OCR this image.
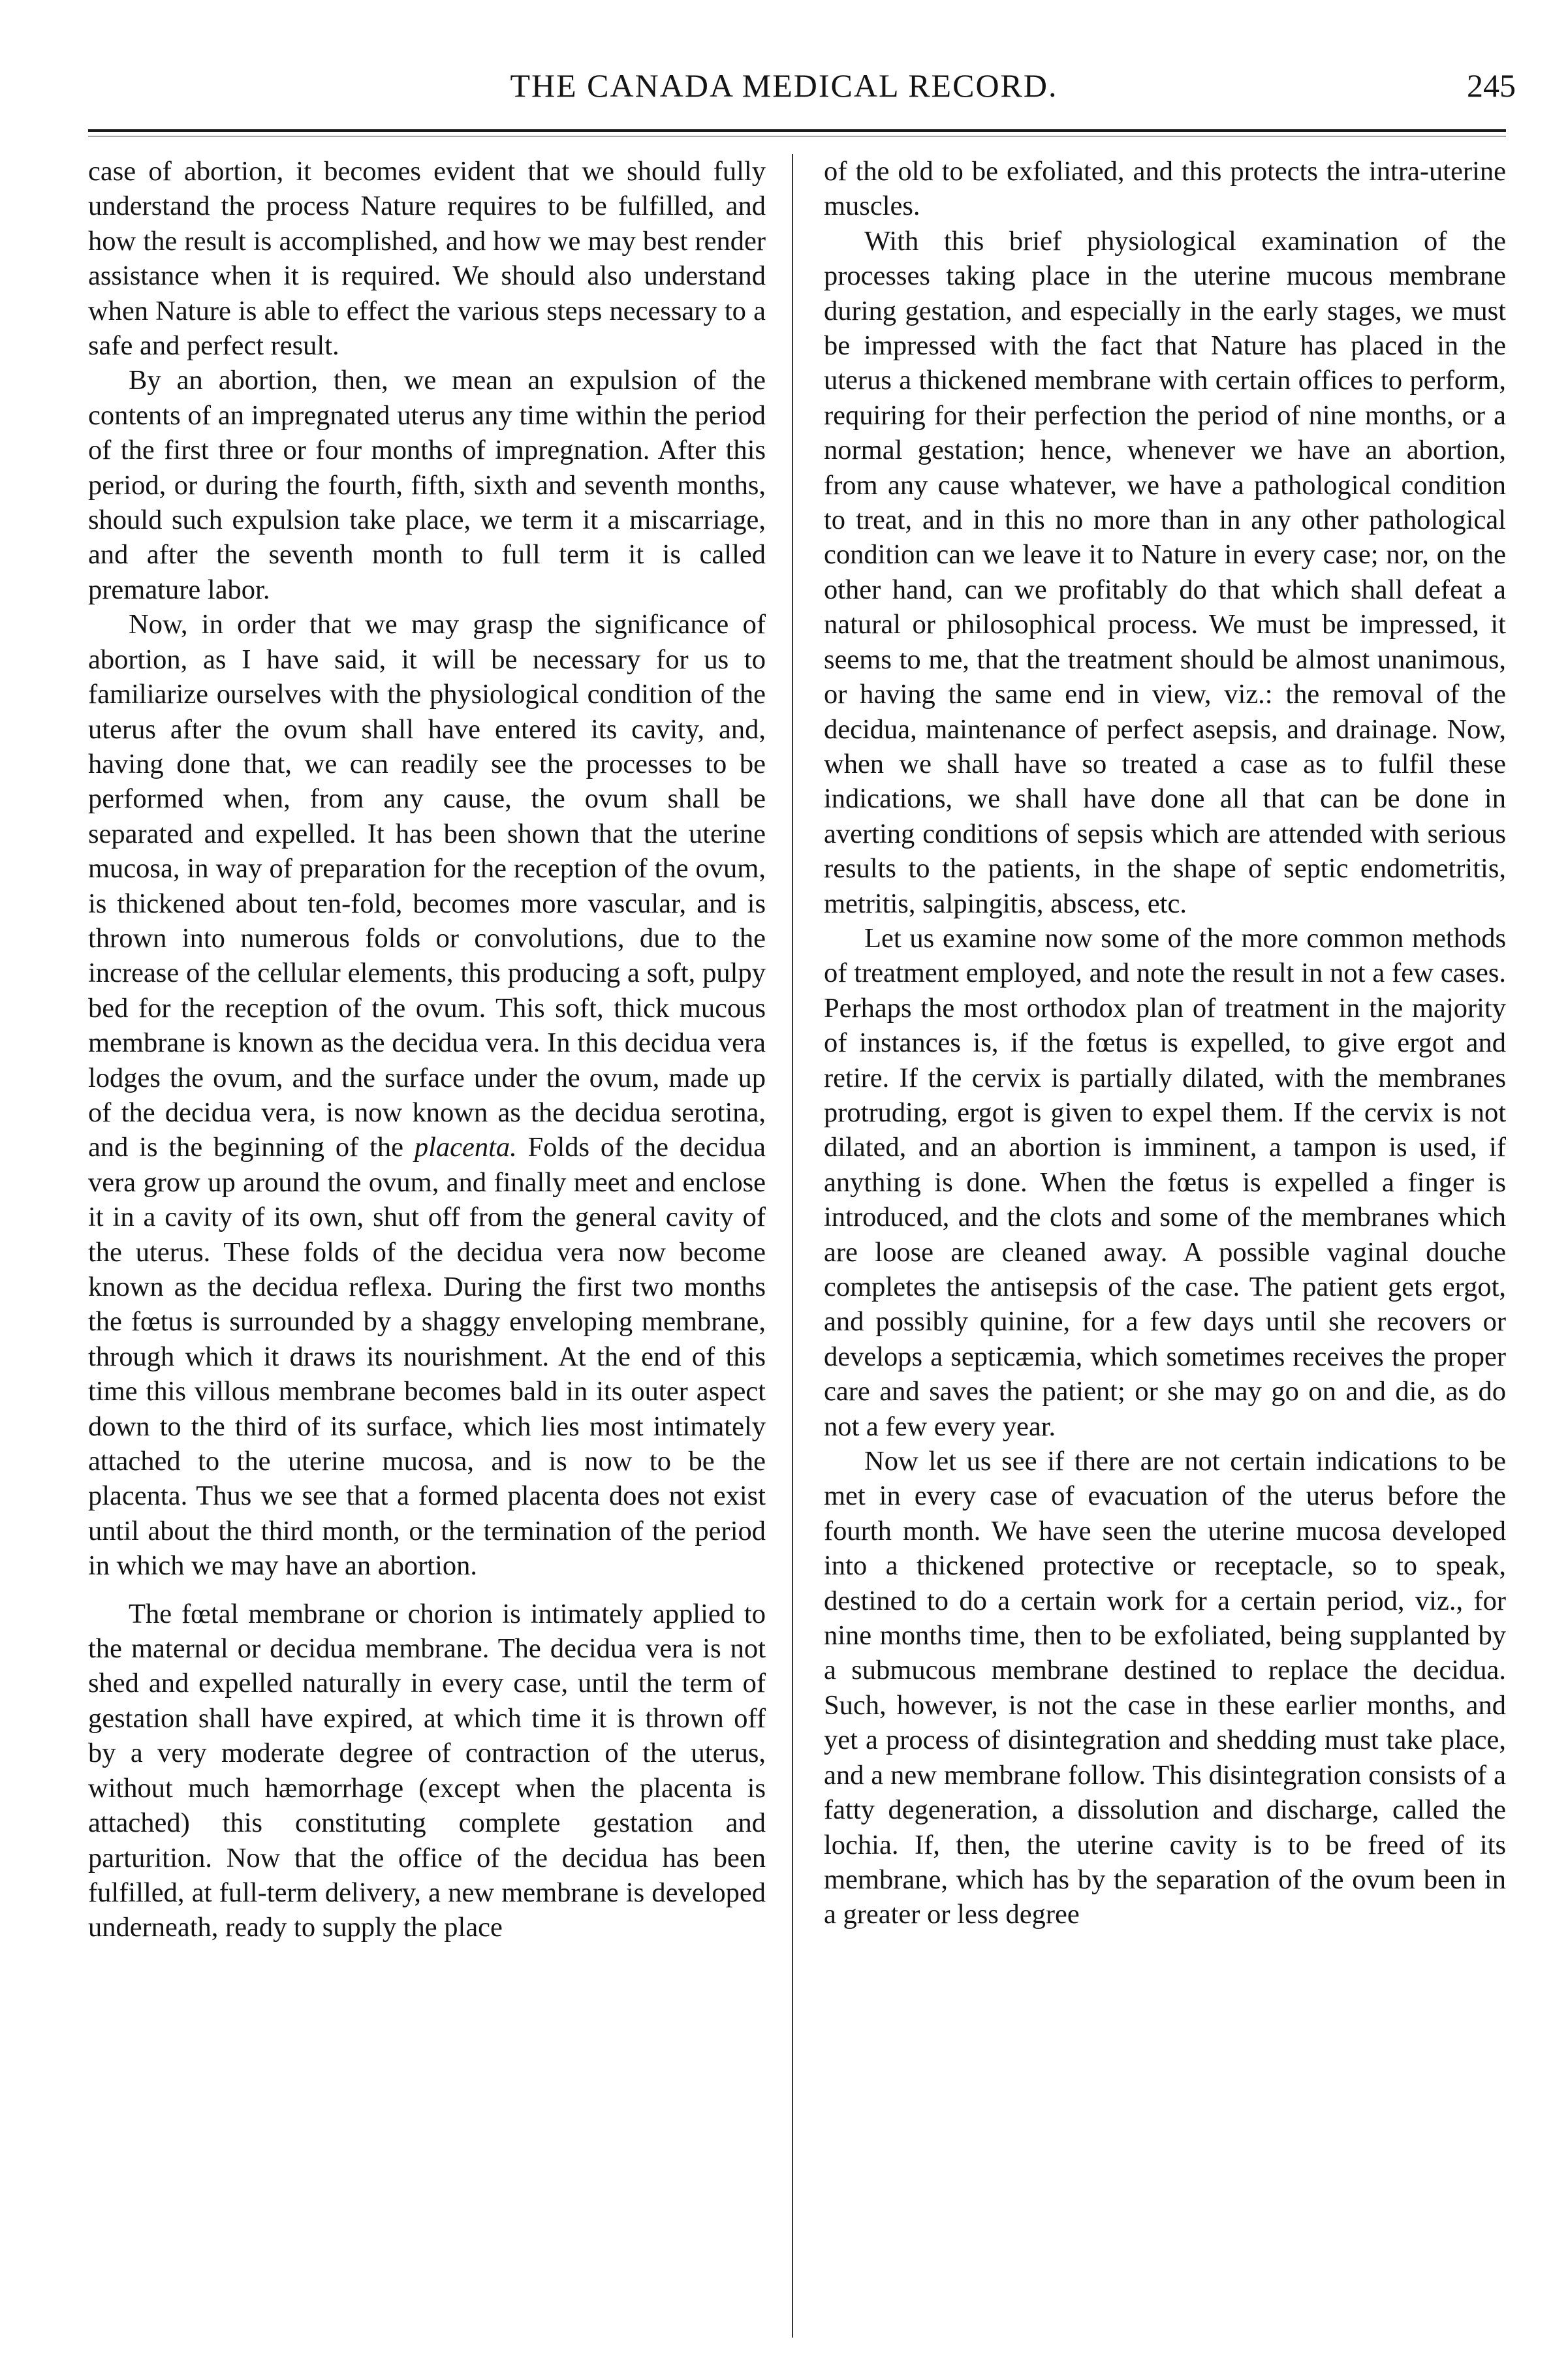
THE CANADA MEDICAL RECORD.	245

case of abortion, it becomes evident that we should fully understand the process Nature requires to be fulfilled, and how the result is accomplished, and how we may best render assistance when it is required. We should also understand when Nature is able to effect the various steps necessary to a safe and perfect result.

By an abortion, then, we mean an expulsion of the contents of an impregnated uterus any time within the period of the first three or four months of impregnation. After this period, or during the fourth, fifth, sixth and seventh months, should such expulsion take place, we term it a miscarriage, and after the seventh month to full term it is called premature labor.

Now, in order that we may grasp the significance of abortion, as I have said, it will be necessary for us to familiarize ourselves with the physiological condition of the uterus after the ovum shall have entered its cavity, and, having done that, we can readily see the processes to be performed when, from any cause, the ovum shall be separated and expelled. It has been shown that the uterine mucosa, in way of preparation for the reception of the ovum, is thickened about ten-fold, becomes more vascular, and is thrown into numerous folds or convolutions, due to the increase of the cellular elements, this producing a soft, pulpy bed for the reception of the ovum. This soft, thick mucous membrane is known as the decidua vera. In this decidua vera lodges the ovum, and the surface under the ovum, made up of the decidua vera, is now known as the decidua serotina, and is the beginning of the placenta. Folds of the decidua vera grow up around the ovum, and finally meet and enclose it in a cavity of its own, shut off from the general cavity of the uterus. These folds of the decidua vera now become known as the decidua reflexa. During the first two months the fœtus is surrounded by a shaggy enveloping membrane, through which it draws its nourishment. At the end of this time this villous membrane becomes bald in its outer aspect down to the third of its surface, which lies most intimately attached to the uterine mucosa, and is now to be the placenta. Thus we see that a formed placenta does not exist until about the third month, or the termination of the period in which we may have an abortion.

The fœtal membrane or chorion is intimately applied to the maternal or decidua membrane. The decidua vera is not shed and expelled naturally in every case, until the term of gestation shall have expired, at which time it is thrown off by a very moderate degree of contraction of the uterus, without much hæmorrhage (except when the placenta is attached) this constituting complete gestation and parturition. Now that the office of the decidua has been fulfilled, at full-term delivery, a new membrane is developed underneath, ready to supply the place

of the old to be exfoliated, and this protects the intra-uterine muscles.

With this brief physiological examination of the processes taking place in the uterine mucous membrane during gestation, and especially in the early stages, we must be impressed with the fact that Nature has placed in the uterus a thickened membrane with certain offices to perform, requiring for their perfection the period of nine months, or a normal gestation; hence, whenever we have an abortion, from any cause whatever, we have a pathological condition to treat, and in this no more than in any other pathological condition can we leave it to Nature in every case; nor, on the other hand, can we profitably do that which shall defeat a natural or philosophical process. We must be impressed, it seems to me, that the treatment should be almost unanimous, or having the same end in view, viz.: the removal of the decidua, maintenance of perfect asepsis, and drainage. Now, when we shall have so treated a case as to fulfil these indications, we shall have done all that can be done in averting conditions of sepsis which are attended with serious results to the patients, in the shape of septic endometritis, metritis, salpingitis, abscess, etc.

Let us examine now some of the more common methods of treatment employed, and note the result in not a few cases. Perhaps the most orthodox plan of treatment in the majority of instances is, if the fœtus is expelled, to give ergot and retire. If the cervix is partially dilated, with the membranes protruding, ergot is given to expel them. If the cervix is not dilated, and an abortion is imminent, a tampon is used, if anything is done. When the fœtus is expelled a finger is introduced, and the clots and some of the membranes which are loose are cleaned away. A possible vaginal douche completes the antisepsis of the case. The patient gets ergot, and possibly quinine, for a few days until she recovers or develops a septicæmia, which sometimes receives the proper care and saves the patient; or she may go on and die, as do not a few every year.

Now let us see if there are not certain indications to be met in every case of evacuation of the uterus before the fourth month. We have seen the uterine mucosa developed into a thickened protective or receptacle, so to speak, destined to do a certain work for a certain period, viz., for nine months time, then to be exfoliated, being supplanted by a submucous membrane destined to replace the decidua. Such, however, is not the case in these earlier months, and yet a process of disintegration and shedding must take place, and a new membrane follow. This disintegration consists of a fatty degeneration, a dissolution and discharge, called the lochia. If, then, the uterine cavity is to be freed of its membrane, which has by the separation of the ovum been in a greater or less degree
